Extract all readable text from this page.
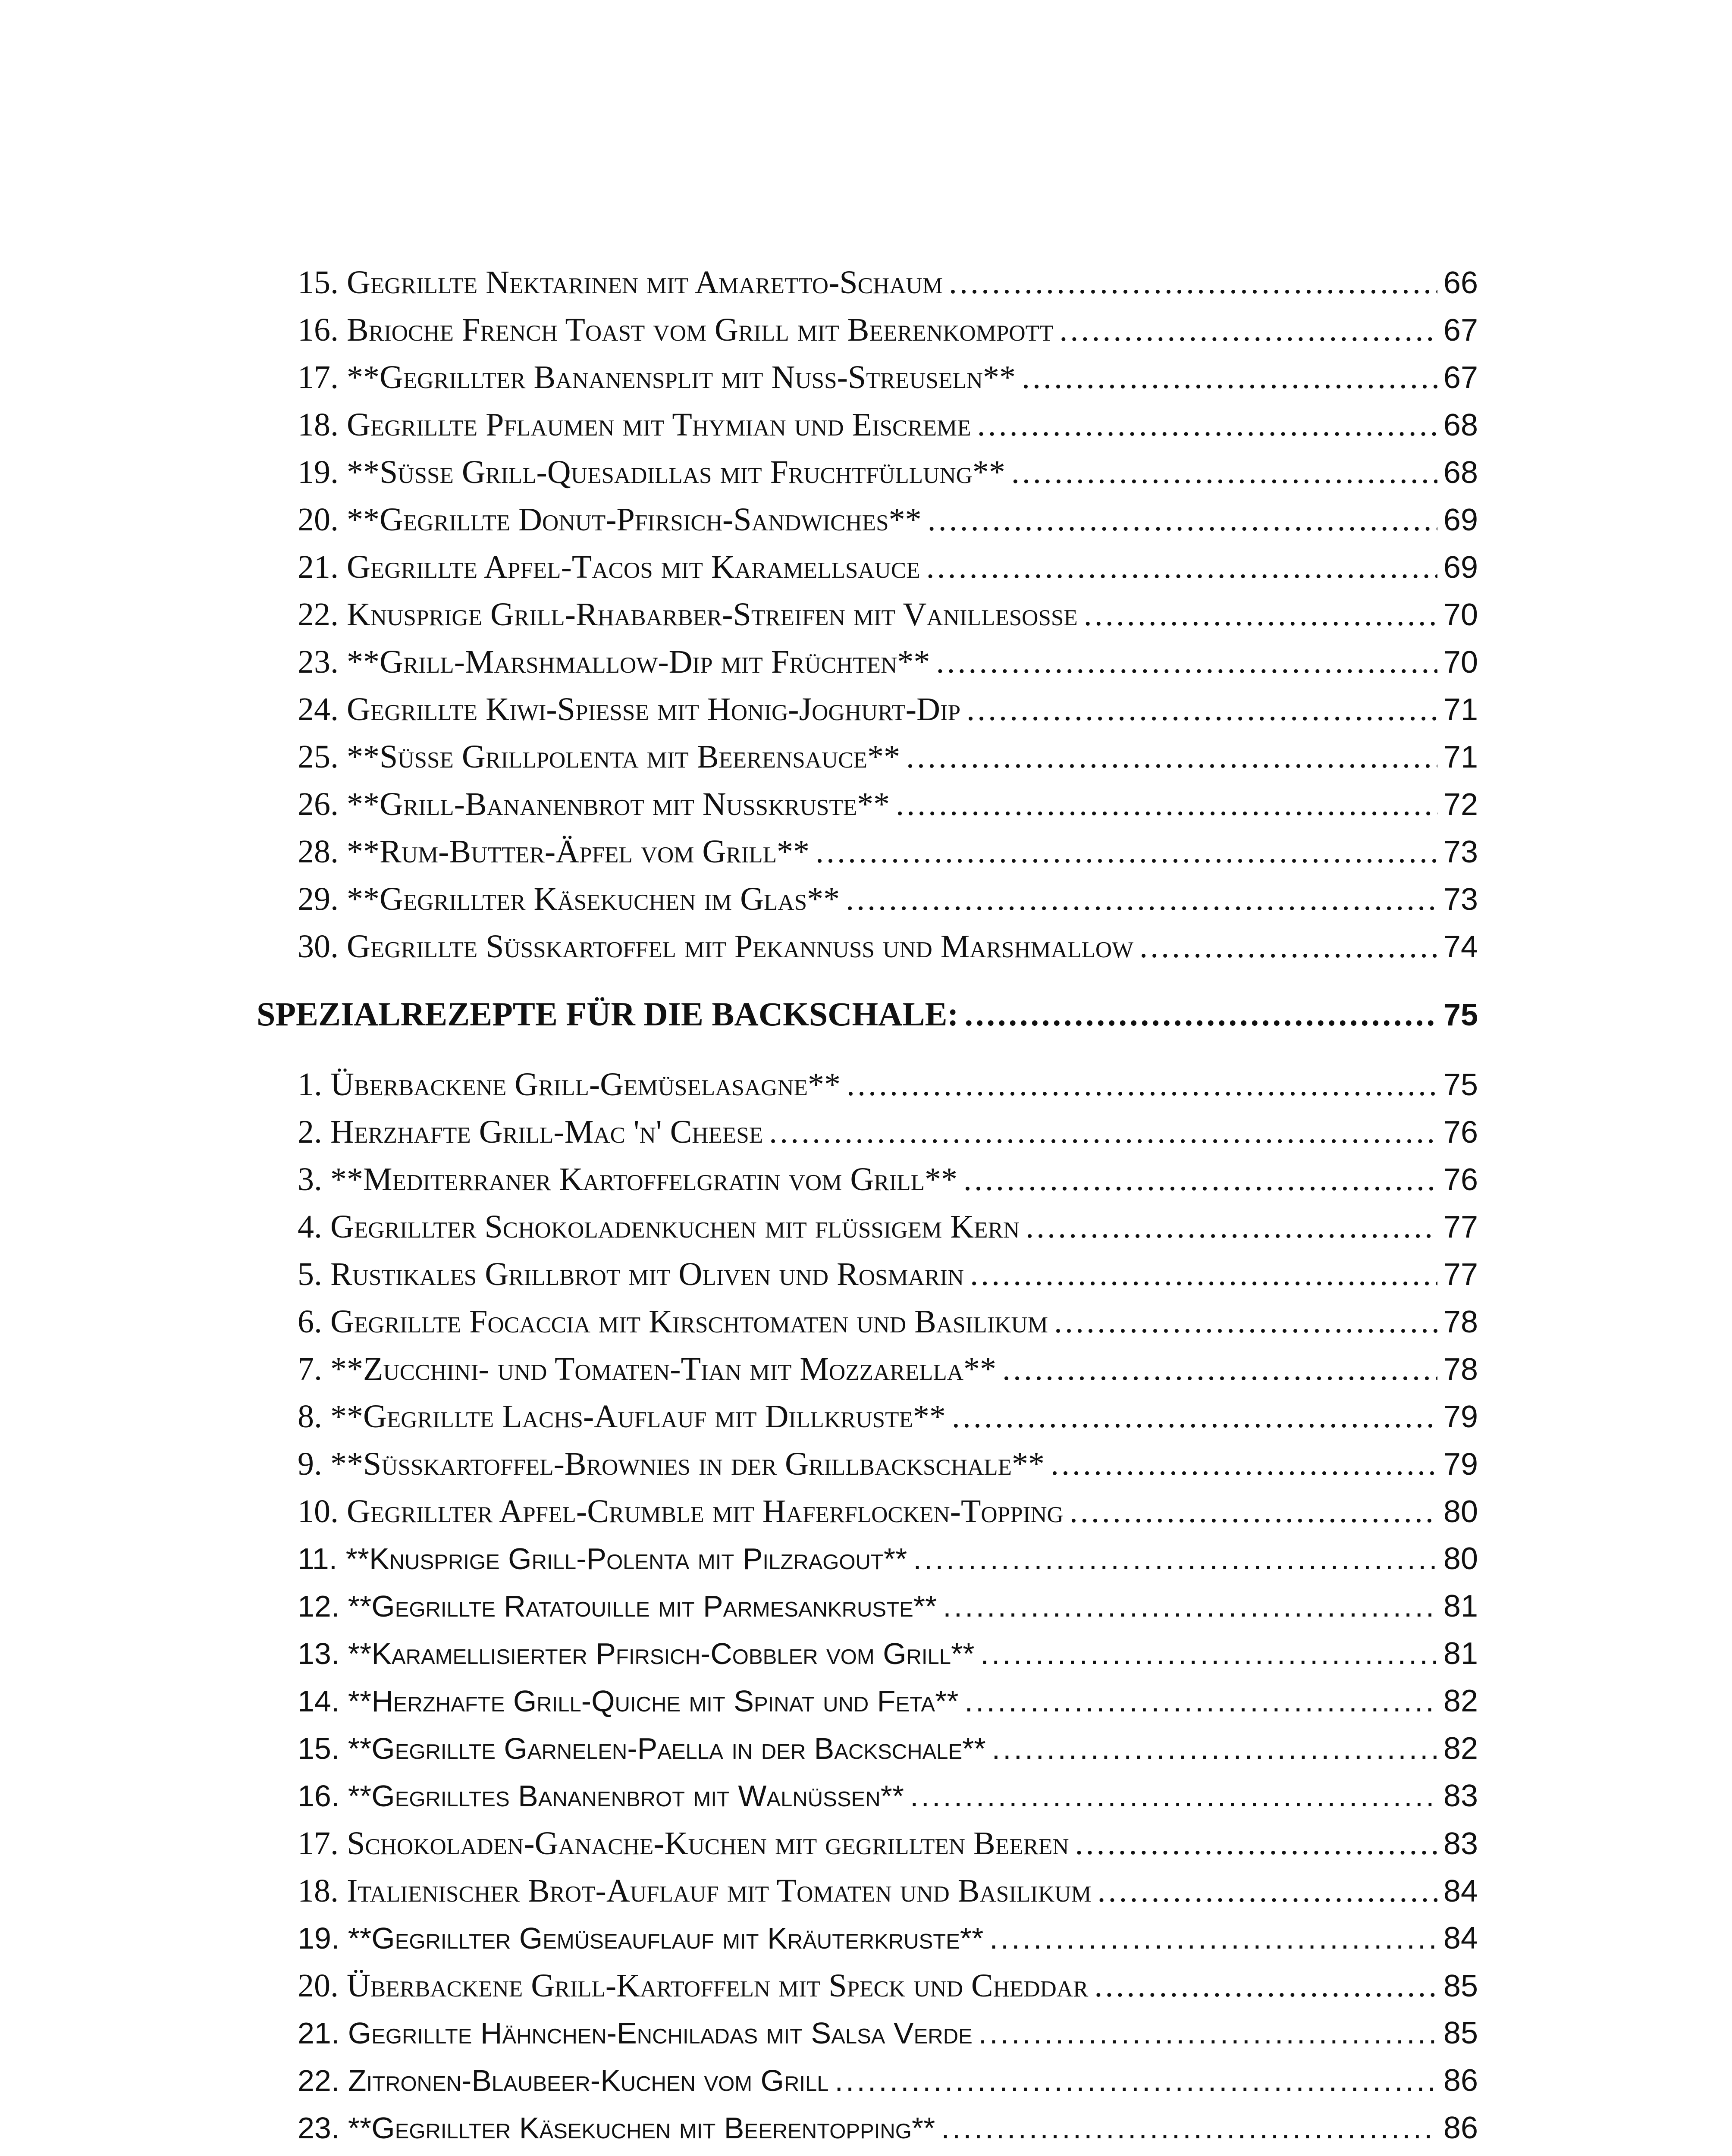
15. Gegrillte Nektarinen mit Amaretto-Schaum .....	66
16. Brioche French Toast vom Grill mit Beerenkompott .....	67
17. **Gegrillter Bananensplit mit Nuss-Streuseln** .....	67
18. Gegrillte Pflaumen mit Thymian und Eiscreme .....	68
19. **Süße Grill-Quesadillas mit Fruchtfüllung** .....	68
20. **Gegrillte Donut-Pfirsich-Sandwiches** .....	69
21. Gegrillte Apfel-Tacos mit Karamellsauce .....	69
22. Knusprige Grill-Rhabarber-Streifen mit Vanillesoße .....	70
23. **Grill-Marshmallow-Dip mit Früchten** .....	70
24. Gegrillte Kiwi-Spieße mit Honig-Joghurt-Dip .....	71
25. **Süße Grillpolenta mit Beerensauce** .....	71
26. **Grill-Bananenbrot mit Nusskruste** .....	72
28. **Rum-Butter-Äpfel vom Grill** .....	73
29. **Gegrillter Käsekuchen im Glas** .....	73
30. Gegrillte Süßkartoffel mit Pekannuss und Marshmallow .....	74
SPEZIALREZEPTE FÜR DIE BACKSCHALE: .....	75
1. Überbackene Grill-Gemüselasagne** .....	75
2. Herzhafte Grill-Mac 'n' Cheese .....	76
3. **Mediterraner Kartoffelgratin vom Grill** .....	76
4. Gegrillter Schokoladenkuchen mit flüssigem Kern .....	77
5. Rustikales Grillbrot mit Oliven und Rosmarin .....	77
6. Gegrillte Focaccia mit Kirschtomaten und Basilikum .....	78
7. **Zucchini- und Tomaten-Tian mit Mozzarella** .....	78
8. **Gegrillte Lachs-Auflauf mit Dillkruste** .....	79
9. **Süßkartoffel-Brownies in der Grillbackschale** .....	79
10. Gegrillter Apfel-Crumble mit Haferflocken-Topping .....	80
11. **Knusprige Grill-Polenta mit Pilzragout** .....	80
12. **Gegrillte Ratatouille mit Parmesankruste** .....	81
13. **Karamellisierter Pfirsich-Cobbler vom Grill** .....	81
14. **Herzhafte Grill-Quiche mit Spinat und Feta** .....	82
15. **Gegrillte Garnelen-Paella in der Backschale** .....	82
16. **Gegrilltes Bananenbrot mit Walnüssen** .....	83
17. Schokoladen-Ganache-Kuchen mit gegrillten Beeren .....	83
18. Italienischer Brot-Auflauf mit Tomaten und Basilikum .....	84
19. **Gegrillter Gemüseauflauf mit Kräuterkruste** .....	84
20. Überbackene Grill-Kartoffeln mit Speck und Cheddar .....	85
21. Gegrillte Hähnchen-Enchiladas mit Salsa Verde .....	85
22. Zitronen-Blaubeer-Kuchen vom Grill .....	86
23. **Gegrillter Käsekuchen mit Beerentopping** .....	86
.....
